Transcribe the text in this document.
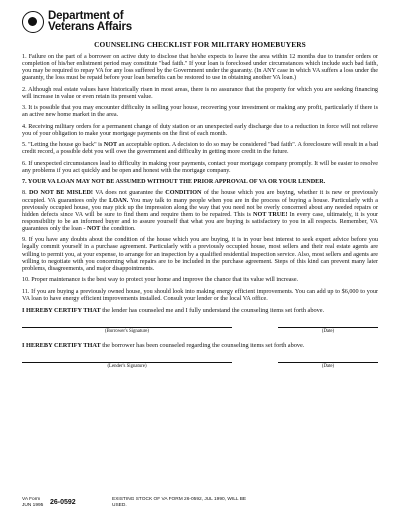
Department of
Veterans Affairs
COUNSELING CHECKLIST FOR MILITARY HOMEBUYERS

1. Failure on the part of a borrower on active duty to disclose that he/she expects to leave the area within 12 months due to transfer orders or completion of his/her enlistment period may constitute "bad faith." If your loan is foreclosed under circumstances which include such bad faith, you may be required to repay VA for any loss suffered by the Government under the guaranty. (In ANY case in which VA suffers a loss under the guaranty, the loss must be repaid before your loan benefits can be restored to use in obtaining another VA loan.)

2. Although real estate values have historically risen in most areas, there is no assurance that the property for which you are seeking financing will increase in value or even retain its present value.

3. It is possible that you may encounter difficulty in selling your house, recovering your investment or making any profit, particularly if there is an active new home market in the area.

4. Receiving military orders for a permanent change of duty station or an unexpected early discharge due to a reduction in force will not relieve you of your obligation to make your mortgage payments on the first of each month.

5. "Letting the house go back" is NOT an acceptable option. A decision to do so may be considered "bad faith". A foreclosure will result in a bad credit record, a possible debt you will owe the government and difficulty in getting more credit in the future.

6. If unexpected circumstances lead to difficulty in making your payments, contact your mortgage company promptly. It will be easier to resolve any problems if you act quickly and be open and honest with the mortgage company.

7. YOUR VA LOAN MAY NOT BE ASSUMED WITHOUT THE PRIOR APPROVAL OF VA OR YOUR LENDER.

8. DO NOT BE MISLED! VA does not guarantee the CONDITION of the house which you are buying, whether it is new or previously occupied. VA guarantees only the LOAN. You may talk to many people when you are in the process of buying a house. Particularly with a previously occupied house, you may pick up the impression along the way that you need not be overly concerned about any needed repairs or hidden defects since VA will be sure to find them and require them to be repaired. This is NOT TRUE! In every case, ultimately, it is your responsibility to be an informed buyer and to assure yourself that what you are buying is satisfactory to you in all respects. Remember, VA guarantees only the loan - NOT the condition.

9. If you have any doubts about the condition of the house which you are buying, it is in your best interest to seek expert advice before you legally commit yourself in a purchase agreement. Particularly with a previously occupied house, most sellers and their real estate agents are willing to permit you, at your expense, to arrange for an inspection by a qualified residential inspection service. Also, most sellers and agents are willing to negotiate with you concerning what repairs are to be included in the purchase agreement. Steps of this kind can prevent many later problems, disagreements, and major disappointments.

10. Proper maintenance is the best way to protect your home and improve the chance that its value will increase.

11. If you are buying a previously owned house, you should look into making energy efficient improvements. You can add up to $6,000 to your VA loan to have energy efficient improvements installed. Consult your lender or the local VA office.

I HEREBY CERTIFY THAT the lender has counseled me and I fully understand the counseling items set forth above.
(Borrower's Signature)	(Date)
I HEREBY CERTIFY THAT the borrower has been counseled regarding the counseling items set forth above.
(Lender's Signature)	(Date)
VA Form
JUN 1995 26-0592	EXISTING STOCK OF VA FORM 26-0592, JUL 1990, WILL BE USED.
